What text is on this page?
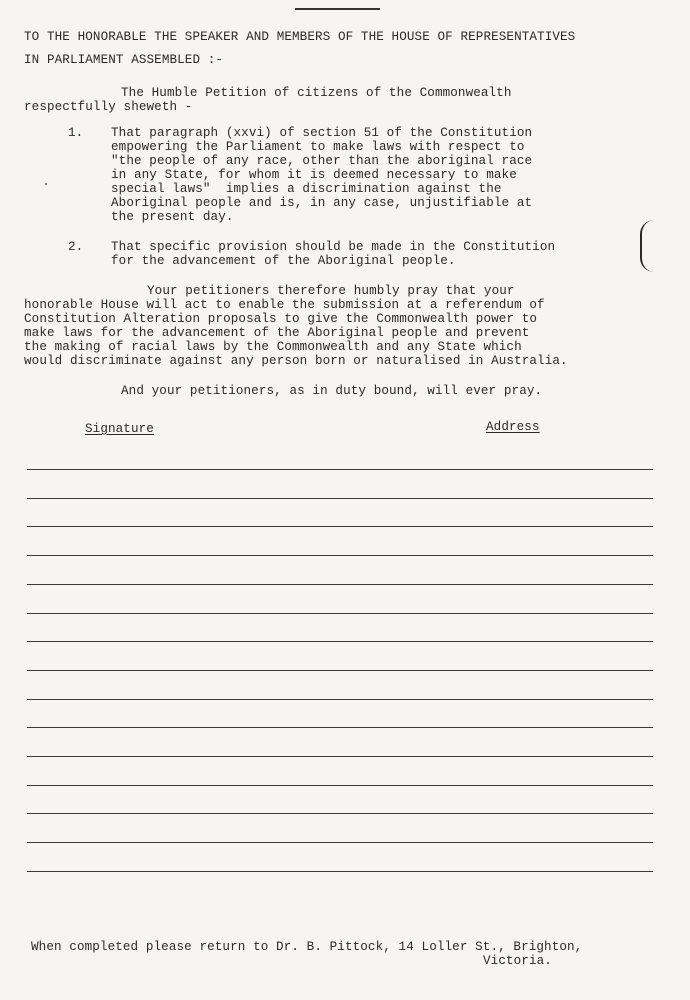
TO THE HONORABLE THE SPEAKER AND MEMBERS OF THE HOUSE OF REPRESENTATIVES
IN PARLIAMENT ASSEMBLED :-
The Humble Petition of citizens of the Commonwealth
respectfully sheweth -
1. That paragraph (xxvi) of section 51 of the Constitution
empowering the Parliament to make laws with respect to
"the people of any race, other than the aboriginal race
in any State, for whom it is deemed necessary to make
special laws"  implies a discrimination against the
Aboriginal people and is, in any case, unjustifiable at
the present day.
2. That specific provision should be made in the Constitution
for the advancement of the Aboriginal people.
Your petitioners therefore humbly pray that your
honorable House will act to enable the submission at a referendum of
Constitution Alteration proposals to give the Commonwealth power to
make laws for the advancement of the Aboriginal people and prevent
the making of racial laws by the Commonwealth and any State which
would discriminate against any person born or naturalised in Australia.
And your petitioners, as in duty bound, will ever pray.
Signature	Address
When completed please return to Dr. B. Pittock, 14 Loller St., Brighton,
Victoria.
